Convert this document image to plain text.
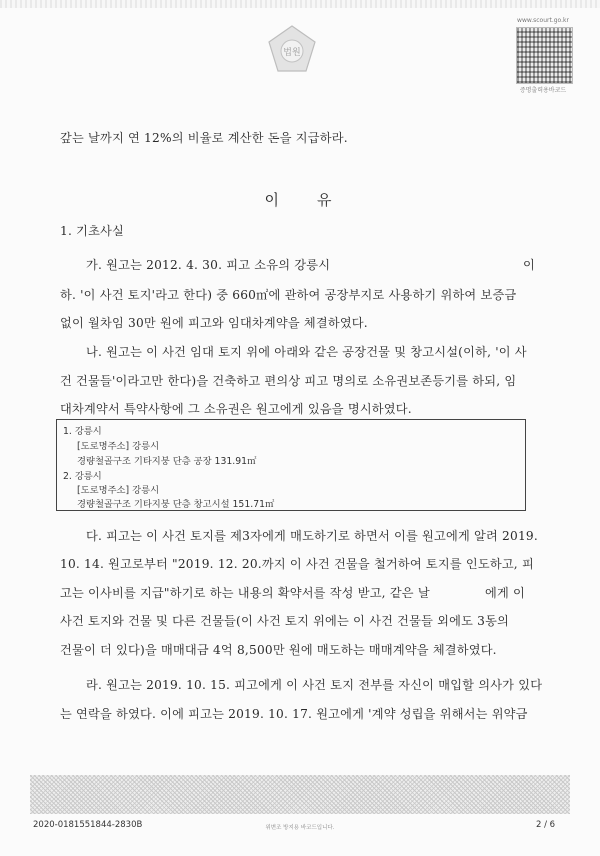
법원
www.scourt.go.kr
증명출력용바코드
갚는 날까지 연 12%의 비율로 계산한 돈을 지급하라.
이유
1. 기초사실
가. 원고는 2012. 4. 30. 피고 소유의 강릉시	이
하. '이 사건 토지'라고 한다) 중 660㎡에 관하여 공장부지로 사용하기 위하여 보증금
없이 월차임 30만 원에 피고와 임대차계약을 체결하였다.
나. 원고는 이 사건 임대 토지 위에 아래와 같은 공장건물 및 창고시설(이하, '이 사
건 건물들'이라고만 한다)을 건축하고 편의상 피고 명의로 소유권보존등기를 하되, 임
대차계약서 특약사항에 그 소유권은 원고에게 있음을 명시하였다.
1. 강릉시
[도로명주소] 강릉시
경량철골구조 기타지붕 단층 공장 131.91㎡
2. 강릉시
[도로명주소] 강릉시
경량철골구조 기타지붕 단층 창고시설 151.71㎡
다. 피고는 이 사건 토지를 제3자에게 매도하기로 하면서 이를 원고에게 알려 2019.
10. 14. 원고로부터 "2019. 12. 20.까지 이 사건 건물을 철거하여 토지를 인도하고, 피
고는 이사비를 지급"하기로 하는 내용의 확약서를 작성 받고, 같은 날	에게 이
사건 토지와 건물 및 다른 건물들(이 사건 토지 위에는 이 사건 건물들 외에도 3동의
건물이 더 있다)을 매매대금 4억 8,500만 원에 매도하는 매매계약을 체결하였다.
라. 원고는 2019. 10. 15. 피고에게 이 사건 토지 전부를 자신이 매입할 의사가 있다
는 연락을 하였다. 이에 피고는 2019. 10. 17. 원고에게 '계약 성립을 위해서는 위약금
위변조 방지용 바코드입니다.
2020-0181551844-2830B	2 / 6
